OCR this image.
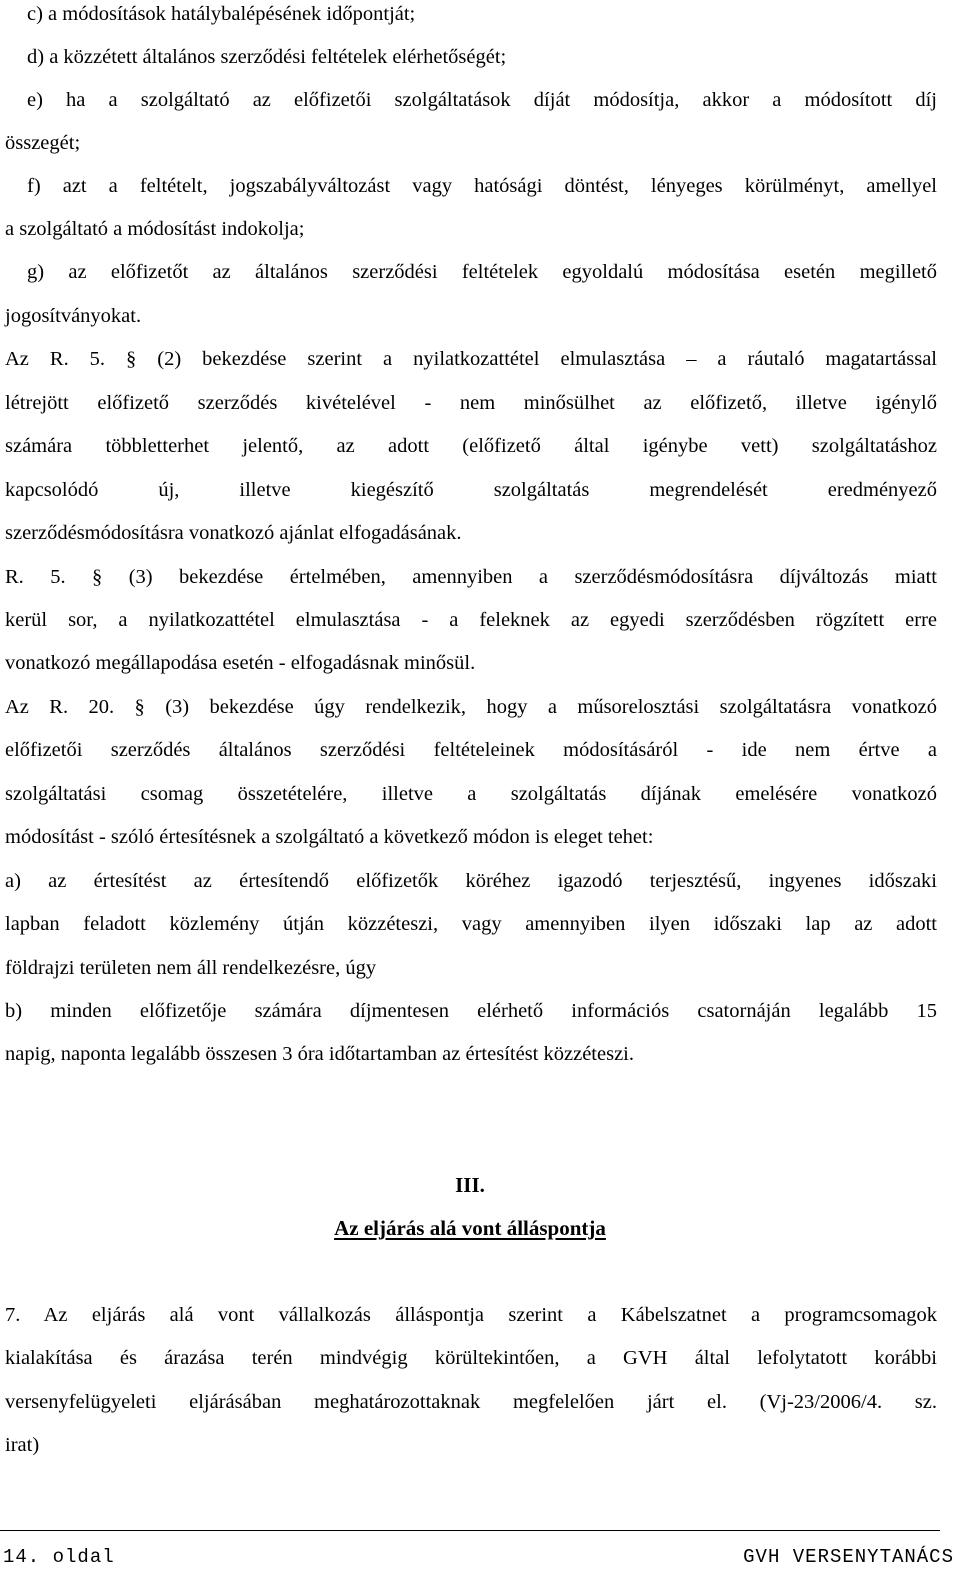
c) a módosítások hatálybalépésének időpontját;
d) a közzétett általános szerződési feltételek elérhetőségét;
e) ha a szolgáltató az előfizetői szolgáltatások díját módosítja, akkor a módosított díj
összegét;
f) azt a feltételt, jogszabályváltozást vagy hatósági döntést, lényeges körülményt, amellyel
a szolgáltató a módosítást indokolja;
g) az előfizetőt az általános szerződési feltételek egyoldalú módosítása esetén megillető
jogosítványokat.
Az R. 5. § (2) bekezdése szerint a nyilatkozattétel elmulasztása – a ráutaló magatartással
létrejött előfizető szerződés kivételével - nem minősülhet az előfizető, illetve igénylő
számára többletterhet jelentő, az adott (előfizető által igénybe vett) szolgáltatáshoz
kapcsolódó új, illetve kiegészítő szolgáltatás megrendelését eredményező
szerződésmódosításra vonatkozó ajánlat elfogadásának.
R. 5. § (3) bekezdése értelmében, amennyiben a szerződésmódosításra díjváltozás miatt
kerül sor, a nyilatkozattétel elmulasztása - a feleknek az egyedi szerződésben rögzített erre
vonatkozó megállapodása esetén - elfogadásnak minősül.
Az R. 20. § (3) bekezdése úgy rendelkezik, hogy a műsorelosztási szolgáltatásra vonatkozó
előfizetői szerződés általános szerződési feltételeinek módosításáról - ide nem értve a
szolgáltatási csomag összetételére, illetve a szolgáltatás díjának emelésére vonatkozó
módosítást - szóló értesítésnek a szolgáltató a következő módon is eleget tehet:
a) az értesítést az értesítendő előfizetők köréhez igazodó terjesztésű, ingyenes időszaki
lapban feladott közlemény útján közzéteszi, vagy amennyiben ilyen időszaki lap az adott
földrajzi területen nem áll rendelkezésre, úgy
b) minden előfizetője számára díjmentesen elérhető információs csatornáján legalább 15
napig, naponta legalább összesen 3 óra időtartamban az értesítést közzéteszi.
III.
Az eljárás alá vont álláspontja
7. Az eljárás alá vont vállalkozás álláspontja szerint a Kábelszatnet a programcsomagok
kialakítása és árazása terén mindvégig körültekintően, a GVH által lefolytatott korábbi
versenyfelügyeleti eljárásában meghatározottaknak megfelelően járt el. (Vj-23/2006/4. sz.
irat)
14. oldal	GVH VERSENYTANÁCS
